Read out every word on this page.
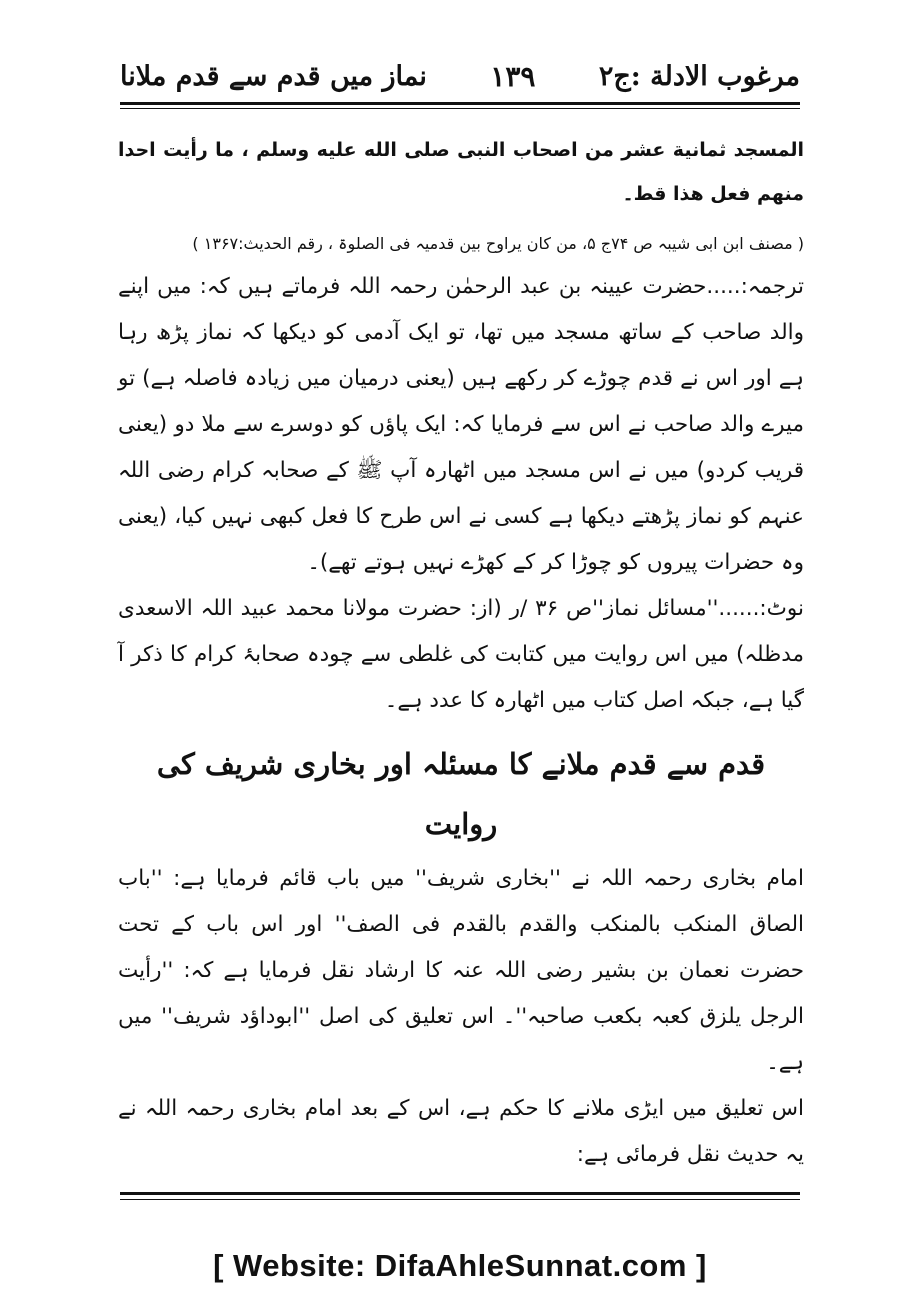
مرغوب الادلة :ج۲
۱۳۹
نماز میں قدم سے قدم ملانا

المسجد ثمانية عشر من اصحاب النبی صلی الله عليه وسلم ، ما رأيت احدا منهم فعل هذا قط۔

( مصنف ابن ابی شیبہ ص ۷۴ج ۵، من کان یراوح بین قدمیہ فی الصلوۃ ، رقم الحدیث:۱۳۶۷ )

ترجمہ:.....حضرت عیینہ بن عبد الرحمٰن رحمہ اللہ فرماتے ہیں کہ: میں اپنے والد صاحب کے ساتھ مسجد میں تھا، تو ایک آدمی کو دیکھا کہ نماز پڑھ رہا ہے اور اس نے قدم چوڑے کر رکھے ہیں (یعنی درمیان میں زیادہ فاصلہ ہے) تو میرے والد صاحب نے اس سے فرمایا کہ: ایک پاؤں کو دوسرے سے ملا دو (یعنی قریب کردو) میں نے اس مسجد میں اٹھارہ آپ ﷺ کے صحابہ کرام رضی اللہ عنہم کو نماز پڑھتے دیکھا ہے کسی نے اس طرح کا فعل کبھی نہیں کیا، (یعنی وہ حضرات پیروں کو چوڑا کر کے کھڑے نہیں ہوتے تھے)۔

نوٹ:......''مسائل نماز''ص ۳۶ /ر (از: حضرت مولانا محمد عبید اللہ الاسعدی مدظلہ) میں اس روایت میں کتابت کی غلطی سے چودہ صحابۂ کرام کا ذکر آ گیا ہے، جبکہ اصل کتاب میں اٹھارہ کا عدد ہے۔

قدم سے قدم ملانے کا مسئلہ اور بخاری شریف کی روایت

امام بخاری رحمہ اللہ نے ''بخاری شریف'' میں باب قائم فرمایا ہے: ''باب الصاق المنکب بالمنکب والقدم بالقدم فی الصف'' اور اس باب کے تحت حضرت نعمان بن بشیر رضی اللہ عنہ کا ارشاد نقل فرمایا ہے کہ: ''رأیت الرجل یلزق کعبہ بکعب صاحبہ''۔ اس تعلیق کی اصل ''ابوداؤد شریف'' میں ہے۔

اس تعلیق میں ایڑی ملانے کا حکم ہے، اس کے بعد امام بخاری رحمہ اللہ نے یہ حدیث نقل فرمائی ہے:

[ Website: DifaAhleSunnat.com ]
